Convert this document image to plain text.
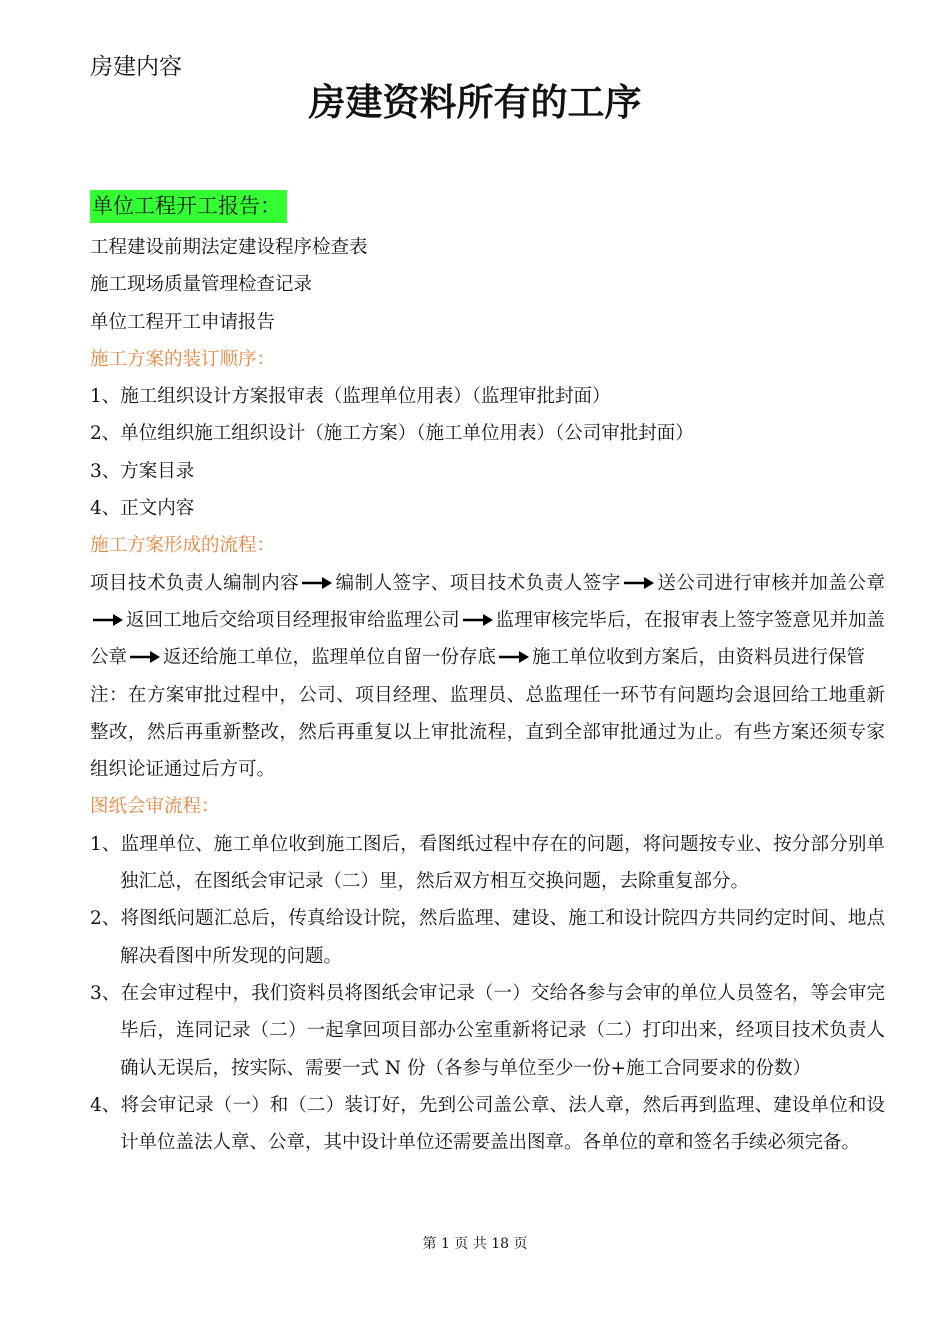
房建内容
房建资料所有的工序
单位工程开工报告：

工程建设前期法定建设程序检查表

施工现场质量管理检查记录

单位工程开工申请报告

施工方案的装订顺序：

1、施工组织设计方案报审表（监理单位用表）（监理审批封面）

2、单位组织施工组织设计（施工方案）（施工单位用表）（公司审批封面）

3、方案目录

4、正文内容

施工方案形成的流程：

项目技术负责人编制内容 编制人签字、项目技术负责人签字 送公司进行审核并加盖公章
返回工地后交给项目经理报审给监理公司 监理审核完毕后，在报审表上签字签意见并加盖公章 返还给施工单位，监理单位自留一份存底 施工单位收到方案后，由资料员进行保管

注：在方案审批过程中，公司、项目经理、监理员、总监理任一环节有问题均会退回给工地重新整改，然后再重新整改，然后再重复以上审批流程，直到全部审批通过为止。有些方案还须专家组织论证通过后方可。

图纸会审流程：

1、监理单位、施工单位收到施工图后，看图纸过程中存在的问题，将问题按专业、按分部分别单独汇总，在图纸会审记录（二）里，然后双方相互交换问题，去除重复部分。

2、将图纸问题汇总后，传真给设计院，然后监理、建设、施工和设计院四方共同约定时间、地点解决看图中所发现的问题。

3、在会审过程中，我们资料员将图纸会审记录（一）交给各参与会审的单位人员签名，等会审完毕后，连同记录（二）一起拿回项目部办公室重新将记录（二）打印出来，经项目技术负责人确认无误后，按实际、需要一式 N 份（各参与单位至少一份+施工合同要求的份数）

4、将会审记录（一）和（二）装订好，先到公司盖公章、法人章，然后再到监理、建设单位和设计单位盖法人章、公章，其中设计单位还需要盖出图章。各单位的章和签名手续必须完备。

第 1 页 共 18 页
